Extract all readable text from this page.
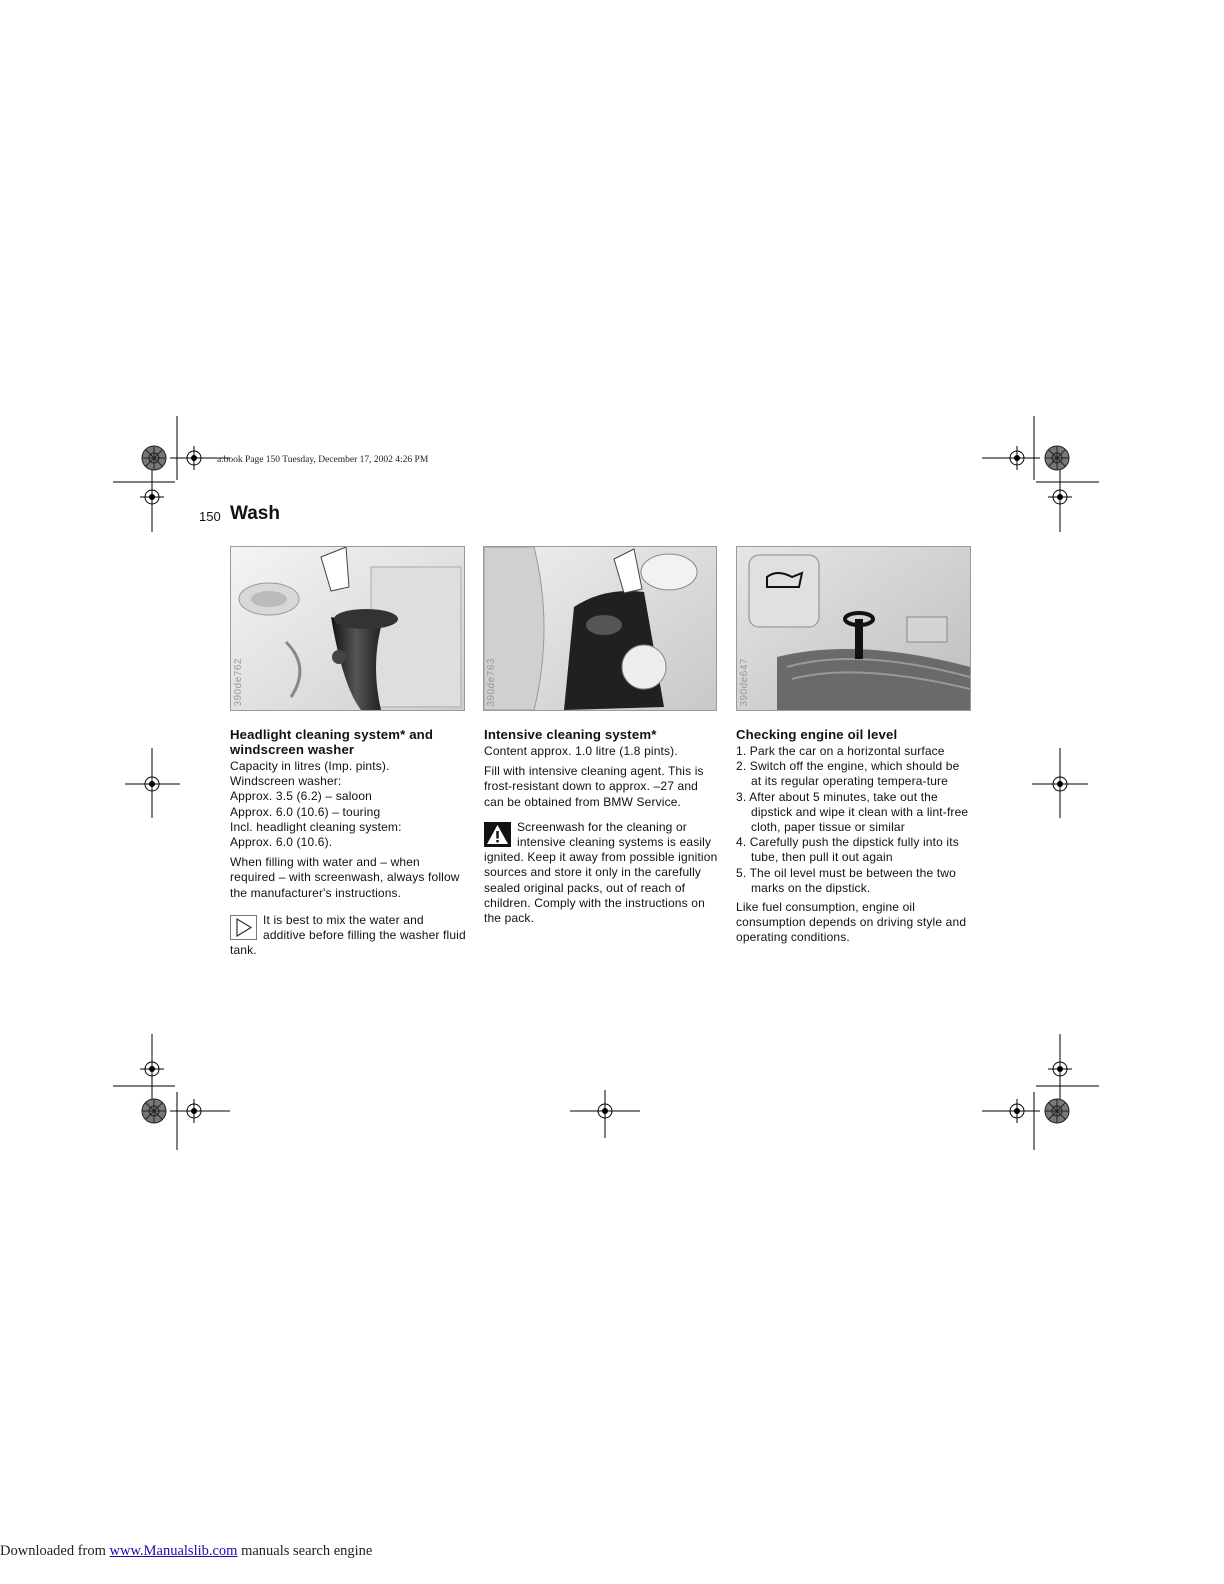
a.book Page 150 Tuesday, December 17, 2002 4:26 PM
150 Wash
390de762	390de763	390de647
Headlight cleaning system* and windscreen washer

Capacity in litres (Imp. pints).
Windscreen washer:
Approx. 3.5 (6.2) – saloon
Approx. 6.0 (10.6) – touring
Incl. headlight cleaning system:
Approx. 6.0 (10.6).

When filling with water and – when required – with screenwash, always follow the manufacturer's instructions.

It is best to mix the water and additive before filling the washer fluid tank.
Intensive cleaning system*

Content approx. 1.0 litre (1.8 pints).

Fill with intensive cleaning agent. This is frost-resistant down to approx. –27 and can be obtained from BMW Service.

Screenwash for the cleaning or intensive cleaning systems is easily ignited. Keep it away from possible ignition sources and store it only in the carefully sealed original packs, out of reach of children. Comply with the instructions on the pack.
Checking engine oil level
1. Park the car on a horizontal surface
2. Switch off the engine, which should be at its regular operating tempera-ture
3. After about 5 minutes, take out the dipstick and wipe it clean with a lint-free cloth, paper tissue or similar
4. Carefully push the dipstick fully into its tube, then pull it out again
5. The oil level must be between the two marks on the dipstick.

Like fuel consumption, engine oil consumption depends on driving style and operating conditions.

Downloaded from www.Manualslib.com manuals search engine
